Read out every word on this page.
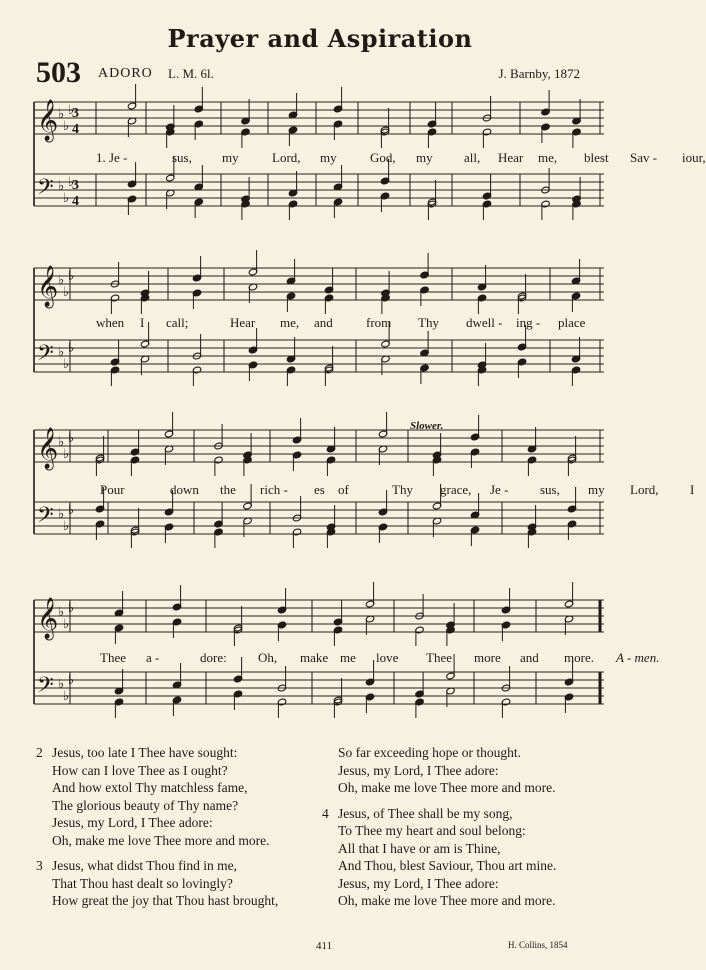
Prayer and Aspiration
503 ADORO L. M. 6l.	J. Barnby, 1872
𝄞 ♭
♭
♭
3
4
𝄢 ♭
♭
♭
3
4
1. Je -	sus, my	Lord, my	God, my all, Hear me, blest Sav - iour,
𝄞 ♭
♭
♭
𝄢 ♭
♭
♭
when I call;	Hear me, and	from Thy dwell - ing - place
𝄞 ♭
♭
♭
𝄢 ♭
♭
♭
Pour	down the rich - es of	Thy grace, Je - sus, my Lord, I
𝄞 ♭
♭
♭
𝄢 ♭
♭
♭
Thee a -	dore: Oh, make me love Thee more and more. A - men.
Slower.
2 Jesus, too late I Thee have sought:
How can I love Thee as I ought?
And how extol Thy matchless fame,
The glorious beauty of Thy name?
Jesus, my Lord, I Thee adore:
Oh, make me love Thee more and more.
3 Jesus, what didst Thou find in me,
That Thou hast dealt so lovingly?
How great the joy that Thou hast brought,
So far exceeding hope or thought.
Jesus, my Lord, I Thee adore:
Oh, make me love Thee more and more.
4 Jesus, of Thee shall be my song,
To Thee my heart and soul belong:
All that I have or am is Thine,
And Thou, blest Saviour, Thou art mine.
Jesus, my Lord, I Thee adore:
Oh, make me love Thee more and more.
411	H. Collins, 1854
